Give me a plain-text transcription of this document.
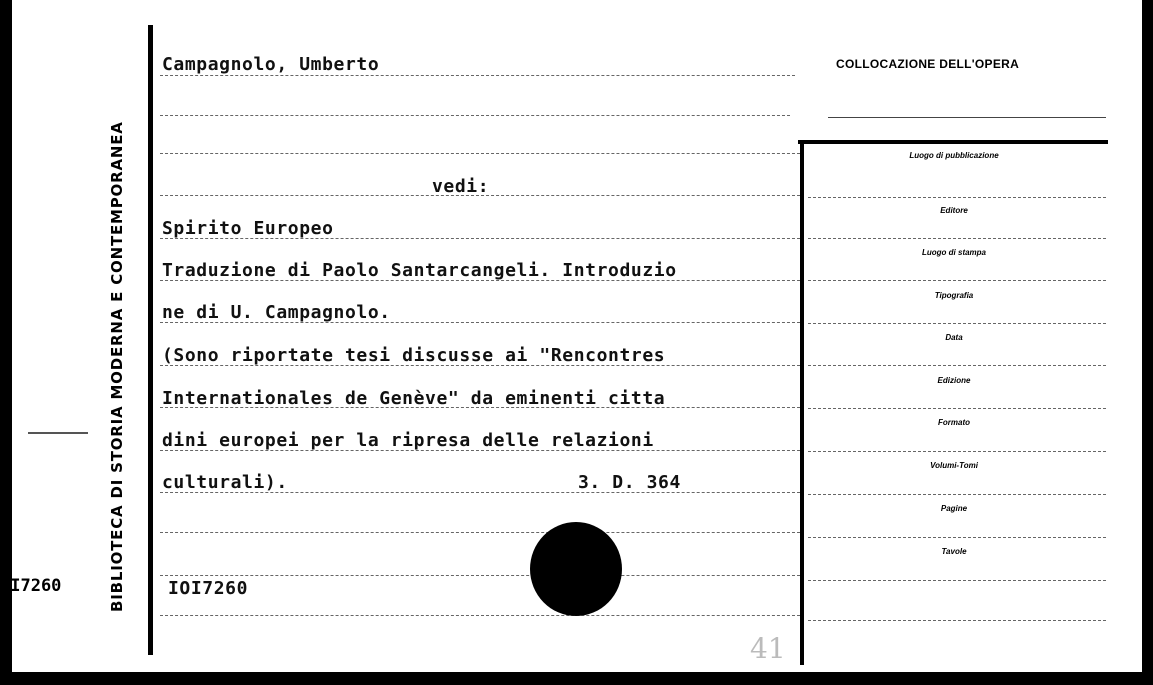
OI7260	BIBLIOTECA DI STORIA MODERNA E CONTEMPORANEA
COLLOCAZIONE DELL'OPERA
Campagnolo, Umberto
vedi:
Spirito Europeo
Traduzione di Paolo Santarcangeli. Introduzio
ne di U. Campagnolo.
(Sono riportate tesi discusse ai "Rencontres
Internationales de Genève" da eminenti citta
dini europei per la ripresa delle relazioni
culturali).	3. D. 364
IOI7260
Luogo di pubblicazione
Editore
Luogo di stampa
Tipografia
Data
Edizione
Formato
Volumi-Tomi
Pagine
Tavole
41
